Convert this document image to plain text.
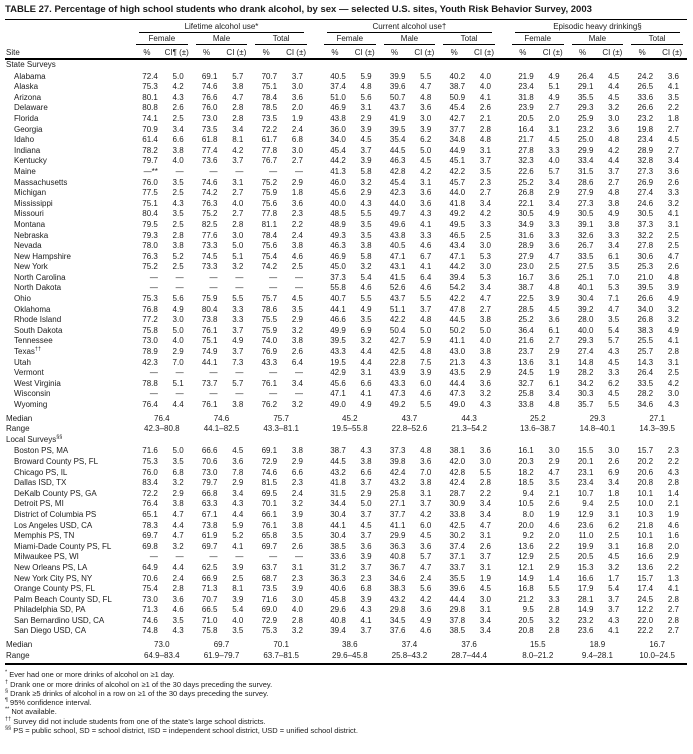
TABLE 27. Percentage of high school students who drank alcohol, by sex — selected U.S. sites, Youth Risk Behavior Survey, 2003

	Lifetime alcohol use*							Current alcohol use†							Episodic heavy drinking§					

	Female		Male		Total			Female		Male		Total			Female		Male		Total	

Site	%	CI¶ (±)	%	CI (±)	%	CI (±)		%	CI (±)	%	CI (±)	%	CI (±)		%	CI (±)	%	CI (±)	%	CI (±)
State Surveys																				
Alabama	72.4	5.0	69.1	5.7	70.7	3.7		40.5	5.9	39.9	5.5	40.2	4.0		21.9	4.9	26.4	4.5	24.2	3.6
Alaska	75.3	4.2	74.6	3.8	75.1	3.0		37.4	4.8	39.6	4.7	38.7	4.0		23.4	5.1	29.1	4.4	26.5	4.1
Arizona	80.1	4.3	76.6	4.7	78.4	3.6		51.0	5.6	50.7	4.8	50.9	4.1		31.8	4.9	35.5	4.5	33.6	3.5
Delaware	80.8	2.6	76.0	2.8	78.5	2.0		46.9	3.1	43.7	3.6	45.4	2.6		23.9	2.7	29.3	3.2	26.6	2.2
Florida	74.1	2.5	73.0	2.8	73.5	1.9		43.8	2.9	41.9	3.0	42.7	2.1		20.5	2.0	25.9	3.0	23.2	1.8
Georgia	70.9	3.4	73.5	3.4	72.2	2.4		36.0	3.9	39.5	3.9	37.7	2.8		16.4	3.1	23.2	3.6	19.8	2.7
Idaho	61.4	6.6	61.8	8.1	61.7	6.8		34.0	4.5	35.4	6.2	34.8	4.8		21.7	4.5	25.0	4.8	23.4	4.5
Indiana	78.2	3.8	77.4	4.2	77.8	3.0		45.4	3.7	44.5	5.0	44.9	3.1		27.8	3.3	29.9	4.2	28.9	2.7
Kentucky	79.7	4.0	73.6	3.7	76.7	2.7		44.2	3.9	46.3	4.5	45.1	3.7		32.3	4.0	33.4	4.4	32.8	3.4
Maine	—**	—	—	—	—	—		41.3	5.8	42.8	4.2	42.2	3.5		22.6	5.7	31.5	3.7	27.3	3.6
Massachusetts	76.0	3.5	74.6	3.1	75.2	2.9		46.0	3.2	45.4	3.1	45.7	2.3		25.2	3.4	28.6	2.7	26.9	2.6
Michigan	77.5	2.5	74.2	2.7	75.9	1.8		45.6	2.9	42.3	3.6	44.0	2.7		26.8	2.9	27.9	4.8	27.4	3.3
Mississippi	75.1	4.3	76.3	4.0	75.6	3.6		40.0	4.3	44.0	3.6	41.8	3.4		22.1	3.4	27.3	3.8	24.6	3.2
Missouri	80.4	3.5	75.2	2.7	77.8	2.3		48.5	5.5	49.7	4.3	49.2	4.2		30.5	4.9	30.5	4.9	30.5	4.1
Montana	79.5	2.5	82.5	2.8	81.1	2.2		48.9	3.5	49.6	4.1	49.5	3.3		34.9	3.3	39.1	3.8	37.3	3.1
Nebraska	79.3	2.8	77.6	3.0	78.4	2.4		49.3	3.5	43.8	3.3	46.5	2.5		31.6	3.3	32.6	3.3	32.2	2.5
Nevada	78.0	3.8	73.3	5.0	75.6	3.8		46.3	3.8	40.5	4.6	43.4	3.0		28.9	3.6	26.7	3.4	27.8	2.5
New Hampshire	76.3	5.2	74.5	5.1	75.4	4.6		46.9	5.8	47.1	6.7	47.1	5.3		27.9	4.7	33.5	6.1	30.6	4.7
New York	75.2	2.5	73.3	3.2	74.2	2.5		45.0	3.2	43.1	4.1	44.2	3.0		23.0	2.5	27.5	3.5	25.3	2.6
North Carolina	—	—	—	—	—	—		37.3	5.4	41.5	6.4	39.4	5.3		16.7	3.6	25.1	7.0	21.0	4.8
North Dakota	—	—	—	—	—	—		55.8	4.6	52.6	4.6	54.2	3.4		38.7	4.8	40.1	5.3	39.5	3.9
Ohio	75.3	5.6	75.9	5.5	75.7	4.5		40.7	5.5	43.7	5.5	42.2	4.7		22.5	3.9	30.4	7.1	26.6	4.9
Oklahoma	76.8	4.9	80.4	3.3	78.6	3.5		44.1	4.9	51.1	3.7	47.8	2.7		28.5	4.5	39.2	4.7	34.0	3.2
Rhode Island	77.2	3.0	73.8	3.3	75.5	2.9		46.6	3.5	42.2	4.8	44.5	3.8		25.2	3.6	28.0	3.5	26.8	3.2
South Dakota	75.8	5.0	76.1	3.7	75.9	3.2		49.9	6.9	50.4	5.0	50.2	5.0		36.4	6.1	40.0	5.4	38.3	4.9
Tennessee	73.0	4.0	75.1	4.9	74.0	3.8		39.5	3.2	42.7	5.9	41.1	4.0		21.6	2.7	29.3	5.7	25.5	4.1
Texas††	78.9	2.9	74.9	3.7	76.9	2.6		43.3	4.4	42.5	4.8	43.0	3.8		23.7	2.9	27.4	4.3	25.7	2.8
Utah	42.3	7.0	44.1	7.3	43.3	6.4		19.5	4.4	22.8	7.5	21.3	4.3		13.6	3.1	14.8	4.5	14.3	3.1
Vermont	—	—	—	—	—	—		42.9	3.1	43.9	3.9	43.5	2.9		24.5	1.9	28.2	3.3	26.4	2.5
West Virginia	78.8	5.1	73.7	5.7	76.1	3.4		45.6	6.6	43.3	6.0	44.4	3.6		32.7	6.1	34.2	6.2	33.5	4.2
Wisconsin	—	—	—	—	—	—		47.1	4.1	47.3	4.6	47.3	3.2		25.8	3.4	30.3	4.5	28.2	3.0
Wyoming	76.4	4.4	76.1	3.8	76.2	3.2		49.0	4.9	49.2	5.5	49.0	4.3		33.8	4.8	35.7	5.5	34.6	4.3
Median	76.4		74.6		75.7			45.2		43.7		44.3			25.2		29.3		27.1	
Range	42.3–80.8		44.1–82.5		43.3–81.1			19.5–55.8		22.8–52.6		21.3–54.2			13.6–38.7		14.8–40.1		14.3–39.5	
Local Surveys§§
Boston PS, MA	71.6	5.0	66.6	4.5	69.1	3.8		38.7	4.3	37.3	4.8	38.1	3.6		16.1	3.0	15.5	3.0	15.7	2.3
Broward County PS, FL	75.3	3.5	70.6	3.6	72.9	2.9		44.5	3.8	39.8	3.6	42.0	3.0		20.3	2.9	20.1	2.6	20.2	2.2
Chicago PS, IL	76.0	6.8	73.0	7.8	74.6	6.6		43.2	6.6	42.4	7.0	42.8	5.5		18.2	4.7	23.1	6.9	20.6	4.3
Dallas ISD, TX	83.4	3.2	79.7	2.9	81.5	2.3		41.8	3.7	43.2	3.8	42.4	2.8		18.5	3.5	23.4	3.4	20.8	2.8
DeKalb County PS, GA	72.2	2.9	66.8	3.4	69.5	2.4		31.5	2.9	25.8	3.1	28.7	2.2		9.4	2.1	10.7	1.8	10.1	1.4
Detroit PS, MI	76.4	3.8	63.3	4.3	70.1	3.2		34.4	5.0	27.1	3.7	30.9	3.4		10.5	2.6	9.4	2.5	10.0	2.1
District of Columbia PS	65.1	4.7	67.1	4.4	66.1	3.9		30.4	3.7	37.7	4.2	33.8	3.4		8.0	1.9	12.9	3.1	10.3	1.9
Los Angeles USD, CA	78.3	4.4	73.8	5.9	76.1	3.8		44.1	4.5	41.1	6.0	42.5	4.7		20.0	4.6	23.6	6.2	21.8	4.6
Memphis PS, TN	69.7	4.7	61.9	5.2	65.8	3.5		30.4	3.7	29.9	4.5	30.2	3.1		9.2	2.0	11.0	2.5	10.1	1.6
Miami-Dade County PS, FL	69.8	3.2	69.7	4.1	69.7	2.6		38.5	3.6	36.3	3.6	37.4	2.6		13.6	2.2	19.9	3.1	16.8	2.0
Milwaukee PS, WI	—	—	—	—	—	—		33.6	3.9	40.8	5.7	37.1	3.7		12.9	2.5	20.5	4.5	16.6	2.9
New Orleans PS, LA	64.9	4.4	62.5	3.9	63.7	3.1		31.2	3.7	36.7	4.7	33.7	3.1		12.1	2.9	15.3	3.2	13.6	2.2
New York City PS, NY	70.6	2.4	66.9	2.5	68.7	2.3		36.3	2.3	34.6	2.4	35.5	1.9		14.9	1.4	16.6	1.7	15.7	1.3
Orange County PS, FL	75.4	2.8	71.3	8.1	73.5	3.9		40.6	6.8	38.3	5.6	39.6	4.5		16.8	5.5	17.9	5.4	17.4	4.1
Palm Beach County SD, FL	73.0	3.6	70.7	3.9	71.6	3.0		45.8	3.9	43.2	4.2	44.4	3.0		21.2	3.3	28.1	3.7	24.5	2.8
Philadelphia SD, PA	71.3	4.6	66.5	5.4	69.0	4.0		29.6	4.3	29.8	3.6	29.8	3.1		9.5	2.8	14.9	3.7	12.2	2.7
San Bernardino USD, CA	74.6	3.5	71.0	4.0	72.9	2.8		40.8	4.1	34.5	4.9	37.8	3.4		20.5	3.2	23.2	4.3	22.0	2.8
San Diego USD, CA	74.8	4.3	75.8	3.5	75.3	3.2		39.4	3.7	37.6	4.6	38.5	3.4		20.8	2.8	23.6	4.1	22.2	2.7
Median	73.0		69.7		70.1			38.6		37.4		37.6			15.5		18.9		16.7	
Range	64.9–83.4		61.9–79.7		63.7–81.5			29.6–45.8		25.8–43.2		28.7–44.4			8.0–21.2		9.4–28.1		10.0–24.5	
* Ever had one or more drinks of alcohol on ≥1 day.
† Drank one or more drinks of alcohol on ≥1 of the 30 days preceding the survey.
§ Drank ≥5 drinks of alcohol in a row on ≥1 of the 30 days preceding the survey.
¶ 95% confidence interval.
** Not available.
†† Survey did not include students from one of the state's large school districts.
§§ PS = public school, SD = school district, ISD = independent school district, USD = unified school district.
